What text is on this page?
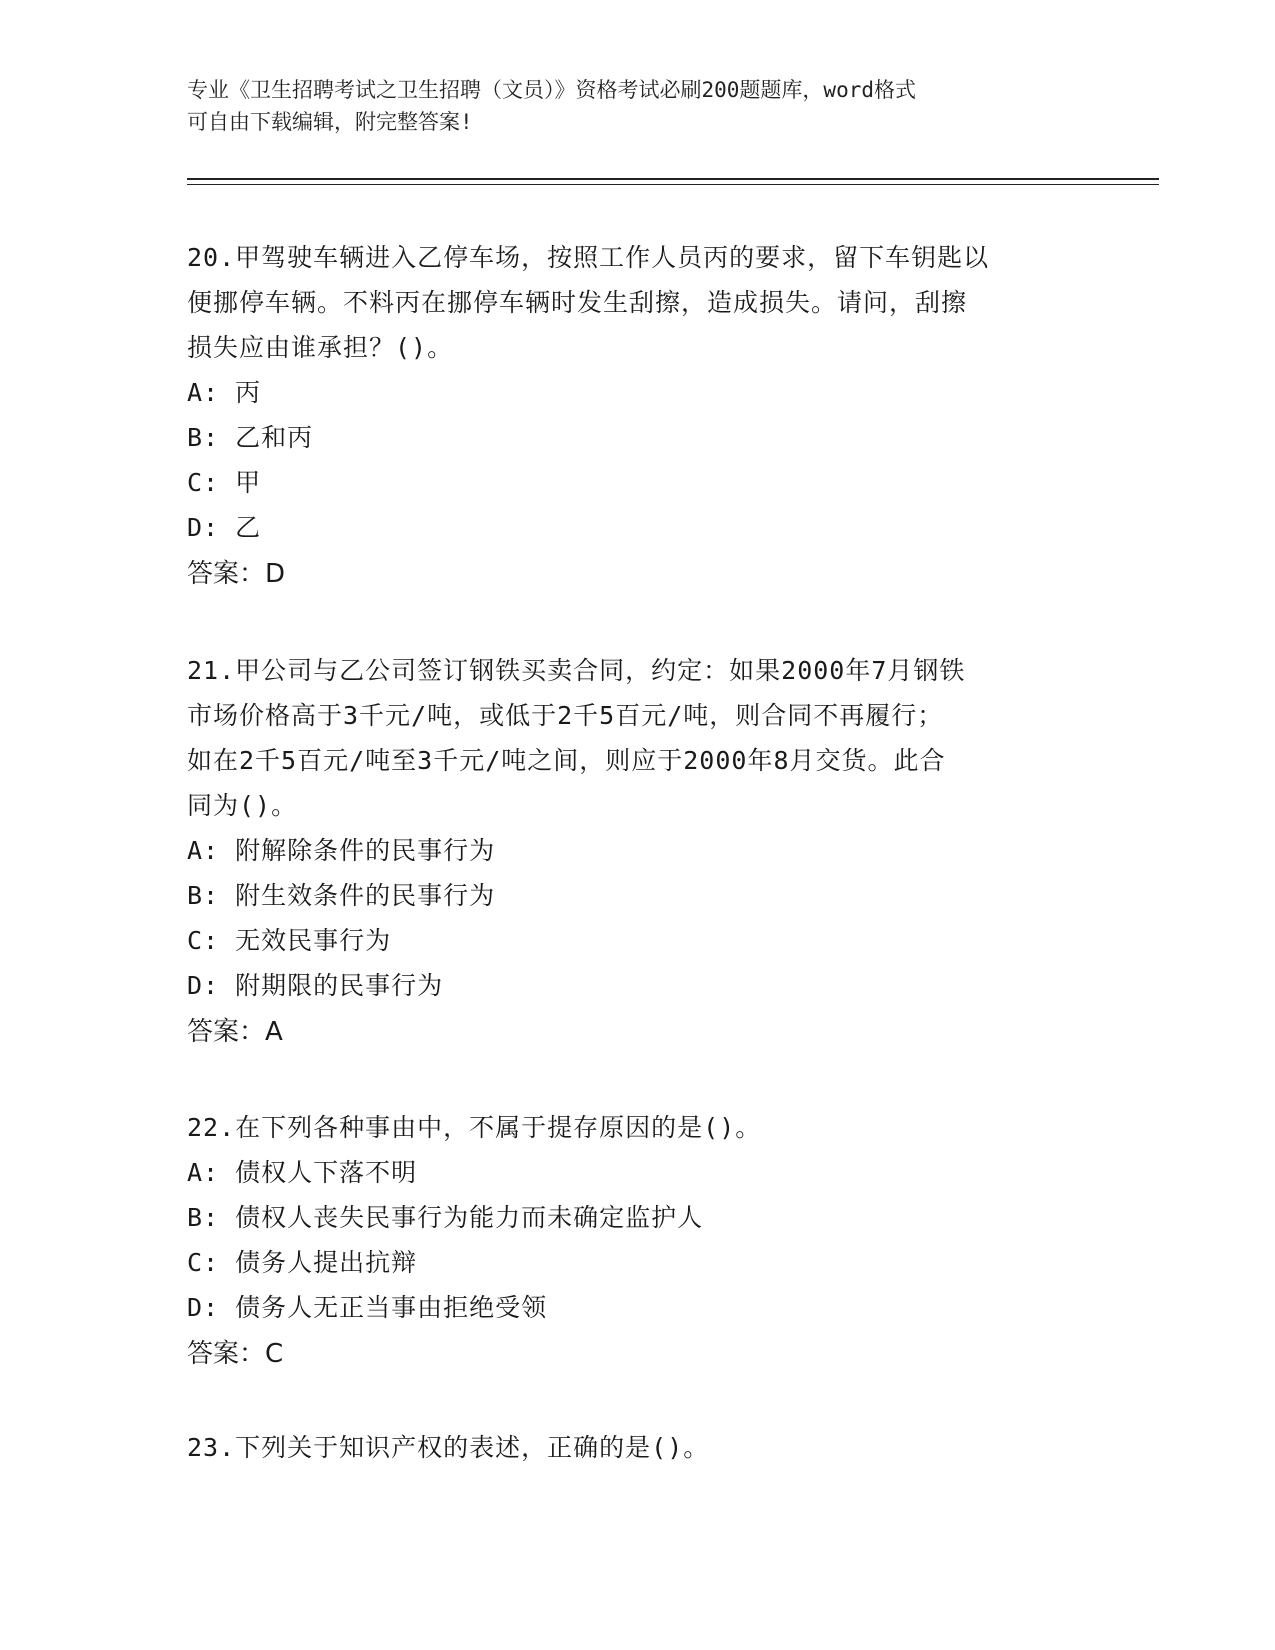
专业《卫生招聘考试之卫生招聘（文员）》资格考试必刷200题题库，word格式
可自由下载编辑，附完整答案!
20.甲驾驶车辆进入乙停车场，按照工作人员丙的要求，留下车钥匙以
便挪停车辆。不料丙在挪停车辆时发生刮擦，造成损失。请问，刮擦
损失应由谁承担？()。
A: 丙
B: 乙和丙
C: 甲
D: 乙
答案：D
21.甲公司与乙公司签订钢铁买卖合同，约定：如果2000年7月钢铁
市场价格高于3千元/吨，或低于2千5百元/吨，则合同不再履行；
如在2千5百元/吨至3千元/吨之间，则应于2000年8月交货。此合
同为()。
A: 附解除条件的民事行为
B: 附生效条件的民事行为
C: 无效民事行为
D: 附期限的民事行为
答案：A
22.在下列各种事由中，不属于提存原因的是()。
A: 债权人下落不明
B: 债权人丧失民事行为能力而未确定监护人
C: 债务人提出抗辩
D: 债务人无正当事由拒绝受领
答案：C
23.下列关于知识产权的表述，正确的是()。
